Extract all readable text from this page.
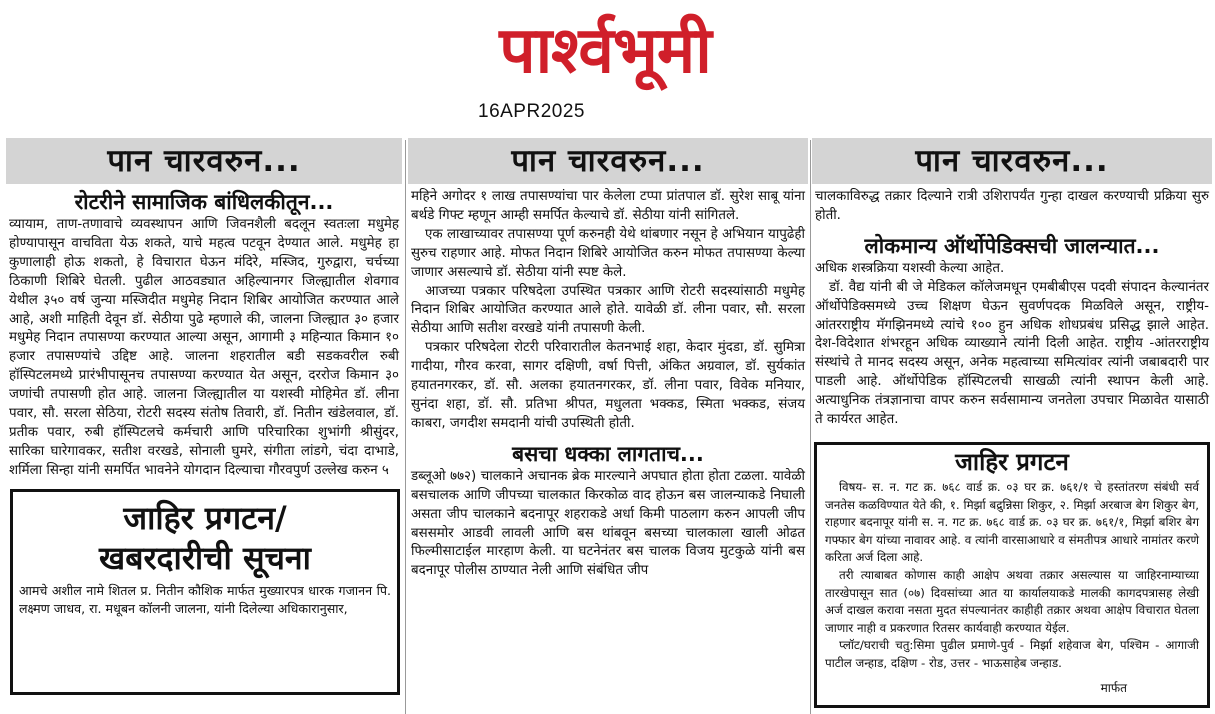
पार्श्वभूमी
16APR2025
पान चारवरुन...
रोटरीने सामाजिक बांधिलकीतून...

व्यायाम, ताण-तणावाचे व्यवस्थापन आणि जिवनशैली बदलून स्वतःला मधुमेह होण्यापासून वाचविता येऊ शकते, याचे महत्व पटवून देण्यात आले. मधुमेह हा कुणालाही होऊ शकतो, हे विचारात घेऊन मंदिरे, मस्जिद, गुरुद्वारा, चर्चच्या ठिकाणी शिबिरे घेतली. पुढील आठवड्यात अहिल्यानगर जिल्ह्यातील शेवगाव येथील ३५० वर्ष जुन्या मस्जिदीत मधुमेह निदान शिबिर आयोजित करण्यात आले आहे, अशी माहिती देवून डॉ. सेठीया पुढे म्हणाले की, जालना जिल्ह्यात ३० हजार मधुमेह निदान तपासण्या करण्यात आल्या असून, आगामी ३ महिन्यात किमान १० हजार तपासण्यांचे उद्दिष्ट आहे. जालना शहरातील बडी सडकवरील रुबी हॉस्पिटलमध्ये प्रारंभीपासूनच तपासण्या करण्यात येत असून, दररोज किमान ३० जणांची तपासणी होत आहे. जालना जिल्ह्यातील या यशस्वी मोहिमेत डॉ. लीना पवार, सौ. सरला सेठिया, रोटरी सदस्य संतोष तिवारी, डॉ. नितीन खंडेलवाल, डॉ. प्रतीक पवार, रुबी हॉस्पिटलचे कर्मचारी आणि परिचारिका शुभांगी श्रीसुंदर, सारिका घारेगावकर, सतीश वरखडे, सोनाली घुमरे, संगीता लांडगे, चंदा दाभाडे, शर्मिला सिन्हा यांनी समर्पित भावनेने योगदान दिल्याचा गौरवपुर्ण उल्लेख करुन ५

जाहिर प्रगटन/
खबरदारीची सूचना
आमचे अशील नामे शितल प्र. नितीन कौशिक मार्फत मुख्यारपत्र धारक गजानन पि. लक्ष्मण जाधव, रा. मधूबन कॉलनी जालना, यांनी दिलेल्या अधिकारानुसार,
पान चारवरुन...

महिने अगोदर १ लाख तपासण्यांचा पार केलेला टप्पा प्रांतपाल डॉ. सुरेश साबू यांना बर्थडे गिफ्ट म्हणून आम्ही समर्पित केल्याचे डॉ. सेठीया यांनी सांगितले.

एक लाखाच्यावर तपासण्या पूर्ण करुनही येथे थांबणार नसून हे अभियान यापुढेही सुरुच राहणार आहे. मोफत निदान शिबिरे आयोजित करुन मोफत तपासण्या केल्या जाणार असल्याचे डॉ. सेठीया यांनी स्पष्ट केले.

आजच्या पत्रकार परिषदेला उपस्थित पत्रकार आणि रोटरी सदस्यांसाठी मधुमेह निदान शिबिर आयोजित करण्यात आले होते. यावेळी डॉ. लीना पवार, सौ. सरला सेठीया आणि सतीश वरखडे यांनी तपासणी केली.

पत्रकार परिषदेला रोटरी परिवारातील केतनभाई शहा, केदार मुंदडा, डॉ. सुमित्रा गादीया, गौरव करवा, सागर दक्षिणी, वर्षा पित्ती, अंकित अग्रवाल, डॉ. सुर्यकांत हयातनगरकर, डॉ. सौ. अलका हयातनगरकर, डॉ. लीना पवार, विवेक मनियार, सुनंदा शहा, डॉ. सौ. प्रतिभा श्रीपत, मधुलता भक्कड, स्मिता भक्कड, संजय काबरा, जगदीश समदानी यांची उपस्थिती होती.

बसचा धक्का लागताच...

डब्लूओ ७७२) चालकाने अचानक ब्रेक मारल्याने अपघात होता होता टळला. यावेळी बसचालक आणि जीपच्या चालकात किरकोळ वाद होऊन बस जालन्याकडे निघाली असता जीप चालकाने बदनापूर शहराकडे अर्धा किमी पाठलाग करुन आपली जीप बससमोर आडवी लावली आणि बस थांबवून बसच्या चालकाला खाली ओढत फिल्मीसाटाईल मारहाण केली. या घटनेनंतर बस चालक विजय मुटकुळे यांनी बस बदनापूर पोलीस ठाण्यात नेली आणि संबंधित जीप

पान चारवरुन...

चालकाविरुद्ध तक्रार दिल्याने रात्री उशिरापर्यंत गुन्हा दाखल करण्याची प्रक्रिया सुरु होती.

लोकमान्य ऑर्थोपेडिक्सची जालन्यात...

अधिक शस्त्रक्रिया यशस्वी केल्या आहेत.

डॉ. वैद्य यांनी बी जे मेडिकल कॉलेजमधून एमबीबीएस पदवी संपादन केल्यानंतर ऑर्थोपेडिक्समध्ये उच्च शिक्षण घेऊन सुवर्णपदक मिळविले असून, राष्ट्रीय-आंतरराष्ट्रीय मॅगझिनमध्ये त्यांचे १०० हुन अधिक शोधप्रबंध प्रसिद्ध झाले आहेत. देश-विदेशात शंभरहून अधिक व्याख्याने त्यांनी दिली आहेत. राष्ट्रीय -आंतरराष्ट्रीय संस्थांचे ते मानद सदस्य असून, अनेक महत्वाच्या समित्यांवर त्यांनी जबाबदारी पार पाडली आहे. ऑर्थोपेडिक हॉस्पिटलची साखळी त्यांनी स्थापन केली आहे. अत्याधुनिक तंत्रज्ञानाचा वापर करुन सर्वसामान्य जनतेला उपचार मिळावेत यासाठी ते कार्यरत आहेत.

जाहिर प्रगटन

विषय- स. न. गट क्र. ७६८ वार्ड क्र. ०३ घर क्र. ७६१/१ चे हस्तांतरण संबंधी सर्व जनतेस कळविण्यात येते की, १. मिर्झा बद्रुन्निसा शिकुर, २. मिर्झा अरबाज बेग शिकुर बेग, राहणार बदनापूर यांनी स. न. गट क्र. ७६८ वार्ड क्र. ०३ घर क्र. ७६१/१, मिर्झा बशिर बेग गफ्फार बेग यांच्या नावावर आहे. व त्यांनी वारसाआधारे व संमतीपत्र आधारे नामांतर करणे करिता अर्ज दिला आहे.

तरी त्याबाबत कोणास काही आक्षेप अथवा तक्रार असल्यास या जाहिरनाम्याच्या तारखेपासून सात (०७) दिवसांच्या आत या कार्यालयाकडे मालकी कागदपत्रासह लेखी अर्ज दाखल करावा नसता मुदत संपल्यानंतर काहीही तक्रार अथवा आक्षेप विचारात घेतला जाणार नाही व प्रकरणात रितसर कार्यवाही करण्यात येईल.

प्लॉट/घराची चतु:सिमा पुढील प्रमाणे-पुर्व - मिर्झा शहेवाज बेग, पश्चिम - आगाजी पाटील जन्हाड, दक्षिण - रोड, उत्तर - भाऊसाहेब जन्हाड.

मार्फत
